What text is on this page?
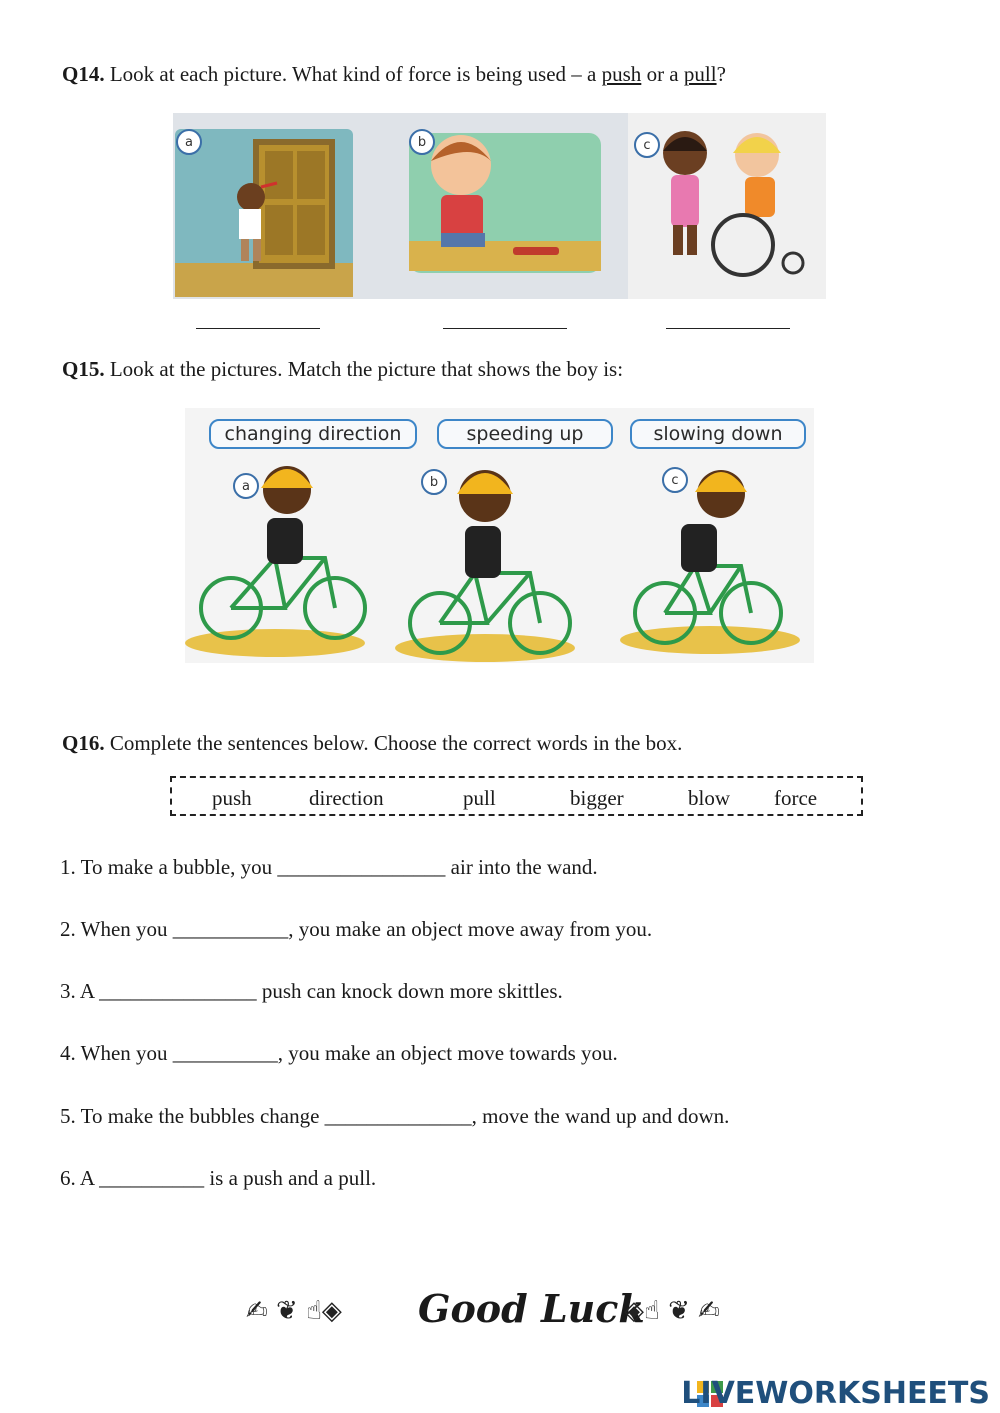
Q14. Look at each picture. What kind of force is being used – a push or a pull?
a	b	c
Q15. Look at the pictures. Match the picture that shows the boy is:
a	b	c
changing direction	speeding up	slowing down
Q16. Complete the sentences below. Choose the correct words in the box.
push	direction	pull	bigger	blow force
1. To make a bubble, you ________________ air into the wand.
2. When you ___________, you make an object move away from you.
3. A _______________ push can knock down more skittles.
4. When you __________, you make an object move towards you.
5. To make the bubbles change ______________, move the wand up and down.
6. A __________ is a push and a pull.
✍ ❦ ☝◈ Good Luck
◈☝ ❦ ✍
LIVEWORKSHEETS
